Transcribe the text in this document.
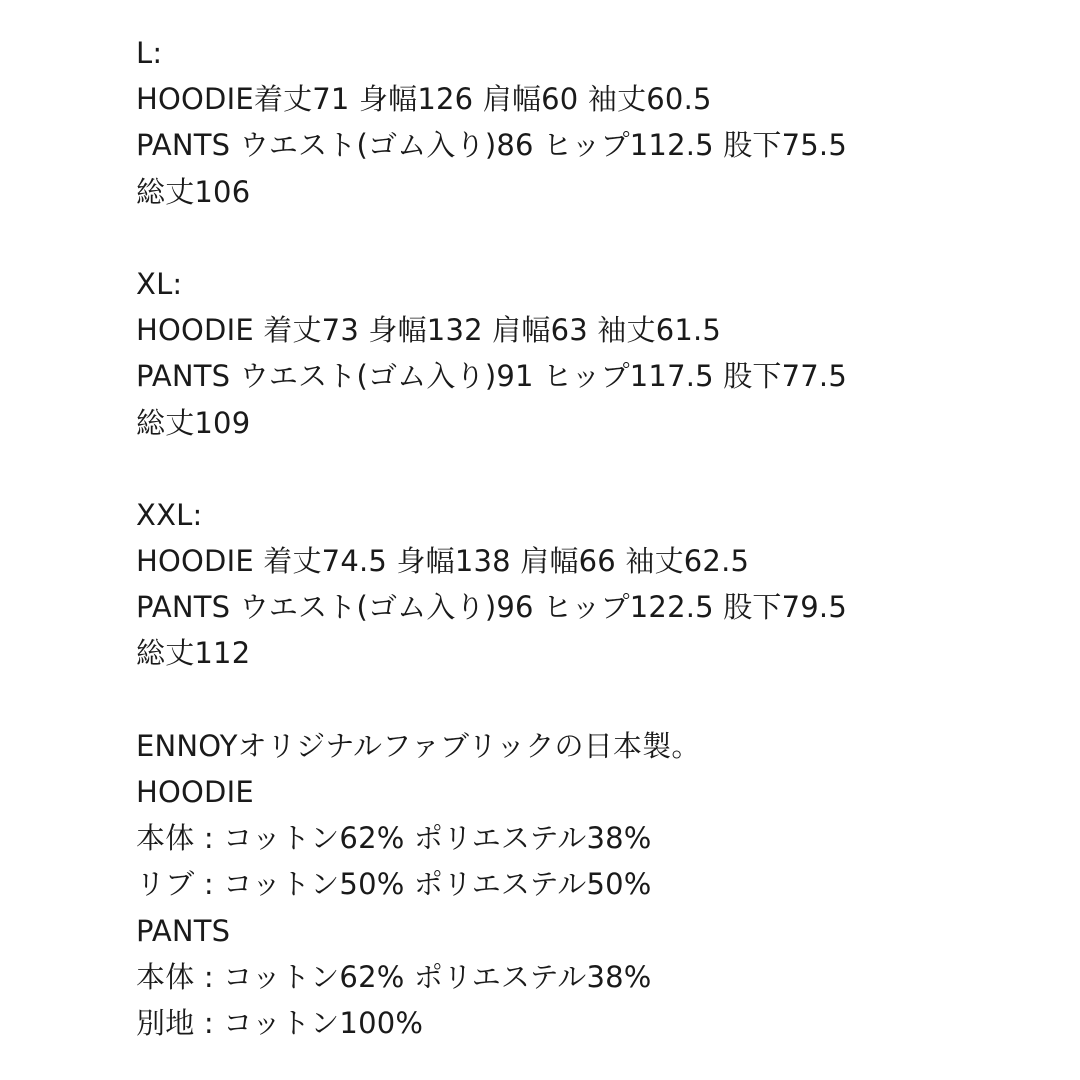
L:
HOODIE着丈71 身幅126 肩幅60 袖丈60.5
PANTS ウエスト(ゴム入り)86 ヒップ112.5 股下75.5
総丈106
XL:
HOODIE 着丈73 身幅132 肩幅63 袖丈61.5
PANTS ウエスト(ゴム入り)91 ヒップ117.5 股下77.5
総丈109
XXL:
HOODIE 着丈74.5 身幅138 肩幅66 袖丈62.5
PANTS ウエスト(ゴム入り)96 ヒップ122.5 股下79.5
総丈112
ENNOYオリジナルファブリックの日本製。
HOODIE
本体 : コットン62% ポリエステル38%
リブ : コットン50% ポリエステル50%
PANTS
本体 : コットン62% ポリエステル38%
別地 : コットン100%
